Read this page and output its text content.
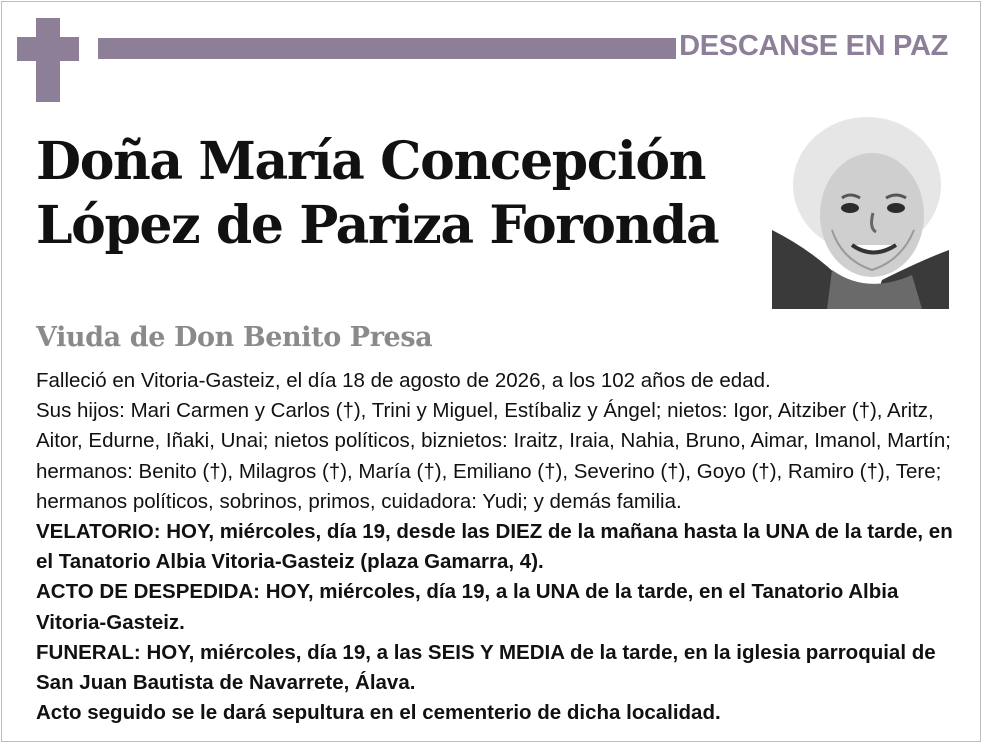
DESCANSE EN PAZ
Doña María Concepción
López de Pariza Foronda
Viuda de Don Benito Presa

Falleció en Vitoria-Gasteiz, el día 18 de agosto de 2026, a los 102 años de edad.

Sus hijos: Mari Carmen y Carlos (†), Trini y Miguel, Estíbaliz y Ángel; nietos: Igor, Aitziber (†), Aritz, Aitor, Edurne, Iñaki, Unai; nietos políticos, biznietos: Iraitz, Iraia, Nahia, Bruno, Aimar, Imanol, Martín; hermanos: Benito (†), Milagros (†), María (†), Emiliano (†), Severino (†), Goyo (†), Ramiro (†), Tere; hermanos políticos, sobrinos, primos, cuidadora: Yudi; y demás familia.

VELATORIO: HOY, miércoles, día 19, desde las DIEZ de la mañana hasta la UNA de la tarde, en el Tanatorio Albia Vitoria-Gasteiz (plaza Gamarra, 4).

ACTO DE DESPEDIDA: HOY, miércoles, día 19, a la UNA de la tarde, en el Tanatorio Albia Vitoria-Gasteiz.

FUNERAL: HOY, miércoles, día 19, a las SEIS Y MEDIA de la tarde, en la iglesia parroquial de San Juan Bautista de Navarrete, Álava.

Acto seguido se le dará sepultura en el cementerio de dicha localidad.
